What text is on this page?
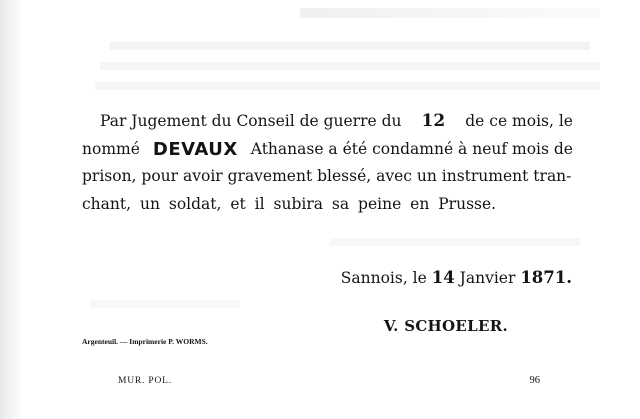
Par Jugement du Conseil de guerre du 12 de ce mois, le
nommé DEVAUX Athanase a été condamné à neuf mois de
prison, pour avoir gravement blessé, avec un instrument tran-
chant, un soldat, et il subira sa peine en Prusse.
Sannois, le 14 Janvier 1871.
V. SCHOELER.
Argenteuil. — Imprimerie P. WORMS.
MUR. POL.	96
